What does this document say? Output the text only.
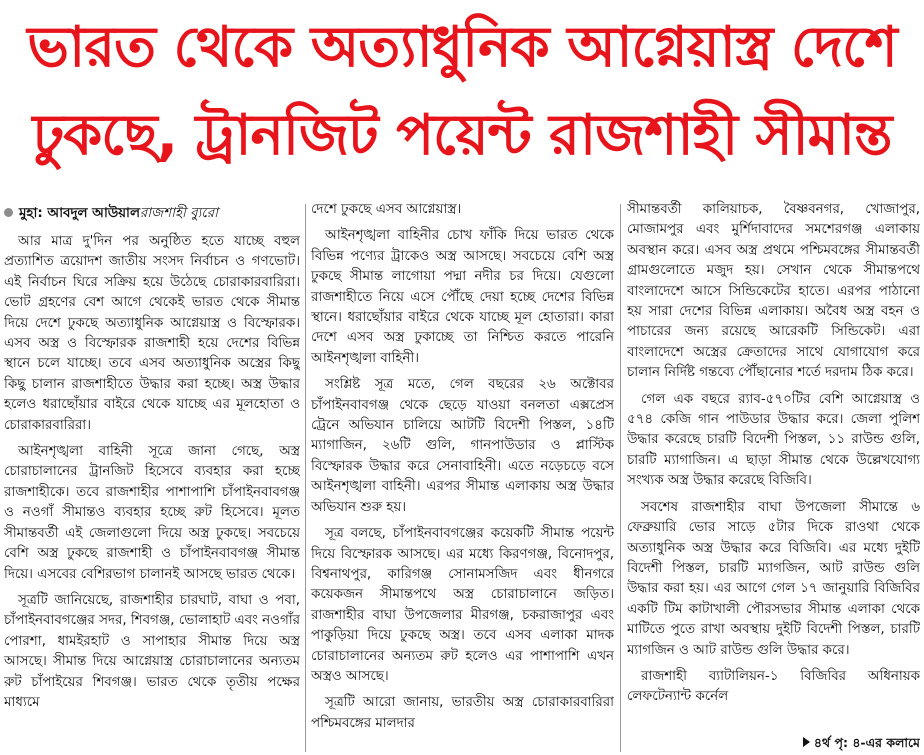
ভারত থেকে অত্যাধুনিক আগ্নেয়াস্ত্র দেশে
ঢুকছে, ট্রানজিট পয়েন্ট রাজশাহী সীমান্ত
মুহা: আবদুল আউয়ালরাজশাহী ব্যুরো

আর মাত্র দু'দিন পর অনুষ্ঠিত হতে যাচ্ছে বহুল প্রত্যাশিত ত্রয়োদশ জাতীয় সংসদ নির্বাচন ও গণভোট। এই নির্বাচন ঘিরে সক্রিয় হয়ে উঠেছে চোরাকারবারিরা। ভোট গ্রহণের বেশ আগে থেকেই ভারত থেকে সীমান্ত দিয়ে দেশে ঢুকছে অত্যাধুনিক আগ্নেয়াস্ত্র ও বিস্ফোরক। এসব অস্ত্র ও বিস্ফোরক রাজশাহী হয়ে দেশের বিভিন্ন স্থানে চলে যাচ্ছে। তবে এসব অত্যাধুনিক অস্ত্রের কিছু কিছু চালান রাজশাহীতে উদ্ধার করা হচ্ছে। অস্ত্র উদ্ধার হলেও ধরাছোঁয়ার বাইরে থেকে যাচ্ছে এর মূলহোতা ও চোরাকারবারিরা।

আইনশৃঙ্খলা বাহিনী সূত্রে জানা গেছে, অস্ত্র চোরাচালানের ট্রানজিট হিসেবে ব্যবহার করা হচ্ছে রাজশাহীকে। তবে রাজশাহীর পাশাপাশি চাঁপাইনবাবগঞ্জ ও নওগাঁ সীমান্তও ব্যবহার হচ্ছে রুট হিসেবে। মূলত সীমান্তবর্তী এই জেলাগুলো দিয়ে অস্ত্র ঢুকছে। সবচেয়ে বেশি অস্ত্র ঢুকছে রাজশাহী ও চাঁপাইনবাবগঞ্জ সীমান্ত দিয়ে। এসবের বেশিরভাগ চালানই আসছে ভারত থেকে।

সূত্রটি জানিয়েছে, রাজশাহীর চারঘাট, বাঘা ও পবা, চাঁপাইনবাবগঞ্জের সদর, শিবগঞ্জ, ভোলাহাট এবং নওগাঁর পোরশা, ধামইরহাট ও সাপাহার সীমান্ত দিয়ে অস্ত্র আসছে। সীমান্ত দিয়ে আগ্নেয়াস্ত্র চোরাচালানের অন্যতম রুট চাঁপাইয়ের শিবগঞ্জ। ভারত থেকে তৃতীয় পক্ষের মাধ্যমে

দেশে ঢুকছে এসব আগ্নেয়াস্ত্র।

আইনশৃঙ্খলা বাহিনীর চোখ ফাঁকি দিয়ে ভারত থেকে বিভিন্ন পণ্যের ট্রাকেও অস্ত্র আসছে। সবচেয়ে বেশি অস্ত্র ঢুকছে সীমান্ত লাগোয়া পদ্মা নদীর চর দিয়ে। যেগুলো রাজশাহীতে নিয়ে এসে পৌঁছে দেয়া হচ্ছে দেশের বিভিন্ন স্থানে। ধরাছোঁয়ার বাইরে থেকে যাচ্ছে মূল হোতারা। কারা দেশে এসব অস্ত্র ঢুকাচ্ছে তা নিশ্চিত করতে পারেনি আইনশৃঙ্খলা বাহিনী।

সংশ্লিষ্ট সূত্র মতে, গেল বছরের ২৬ অক্টোবর চাঁপাইনবাবগঞ্জ থেকে ছেড়ে যাওয়া বনলতা এক্সপ্রেস ট্রেনে অভিযান চালিয়ে আটটি বিদেশী পিস্তল, ১৪টি ম্যাগাজিন, ২৬টি গুলি, গানপাউডার ও প্লাস্টিক বিস্ফোরক উদ্ধার করে সেনাবাহিনী। এতে নড়েচড়ে বসে আইনশৃঙ্খলা বাহিনী। এরপর সীমান্ত এলাকায় অস্ত্র উদ্ধার অভিযান শুরু হয়।

সূত্র বলছে, চাঁপাইনবাবগঞ্জের কয়েকটি সীমান্ত পয়েন্ট দিয়ে বিস্ফোরক আসছে। এর মধ্যে কিরণগঞ্জ, বিনোদপুর, বিশ্বনাথপুর, কারিগঞ্জ সোনামসজিদ এবং ধীনগরে কয়েকজন সীমান্তপথে অস্ত্র চোরাচালানে জড়িত। রাজশাহীর বাঘা উপজেলার মীরগঞ্জ, চকরাজাপুর এবং পাকুড়িয়া দিয়ে ঢুকছে অস্ত্র। তবে এসব এলাকা মাদক চোরাচালানের অন্যতম রুট হলেও এর পাশাপাশি এখন অস্ত্রও আসছে।

সূত্রটি আরো জানায়, ভারতীয় অস্ত্র চোরাকারবারিরা পশ্চিমবঙ্গের মালদার

সীমান্তবর্তী কালিয়াচক, বৈষ্ণবনগর, খোজাপুর, মোজামপুর এবং মুর্শিদাবাদের সমশেরগঞ্জ এলাকায় অবস্থান করে। এসব অস্ত্র প্রথমে পশ্চিমবঙ্গের সীমান্তবর্তী গ্রামগুলোতে মজুদ হয়। সেখান থেকে সীমান্তপথে বাংলাদেশে আসে সিন্ডিকেটের হাতে। এরপর পাঠানো হয় সারা দেশের বিভিন্ন এলাকায়। অবৈধ অস্ত্র বহন ও পাচারের জন্য রয়েছে আরেকটি সিন্ডিকেট। এরা বাংলাদেশে অস্ত্রের ক্রেতাদের সাথে যোগাযোগ করে চালান নির্দিষ্ট গন্তব্যে পৌঁছানোর শর্তে দরদাম ঠিক করে।

গেল এক বছরে র‌্যাব-৫৭০টির বেশি আগ্নেয়াস্ত্র ও ৫৭৪ কেজি গান পাউডার উদ্ধার করে। জেলা পুলিশ উদ্ধার করেছে চারটি বিদেশী পিস্তল, ১১ রাউন্ড গুলি, চারটি ম্যাগাজিন। এ ছাড়া সীমান্ত থেকে উল্লেখযোগ্য সংখ্যক অস্ত্র উদ্ধার করেছে বিজিবি।

সবশেষ রাজশাহীর বাঘা উপজেলা সীমান্তে ৬ ফেব্রুয়ারি ভোর সাড়ে ৫টার দিকে রাওথা থেকে অত্যাধুনিক অস্ত্র উদ্ধার করে বিজিবি। এর মধ্যে দুইটি বিদেশী পিস্তল, চারটি ম্যাগজিন, আট রাউন্ড গুলি উদ্ধার করা হয়। এর আগে গেল ১৭ জানুয়ারি বিজিবির একটি টিম কাটাখালী পৌরসভার সীমান্ত এলাকা থেকে মাটিতে পুতে রাখা অবস্থায় দুইটি বিদেশী পিস্তল, চারটি ম্যাগজিন ও আট রাউন্ড গুলি উদ্ধার করে।

রাজশাহী ব্যাটালিয়ন-১ বিজিবির অধিনায়ক লেফটেন্যান্ট কর্নেল

৪র্থ পৃ: ৪-এর কলামে
